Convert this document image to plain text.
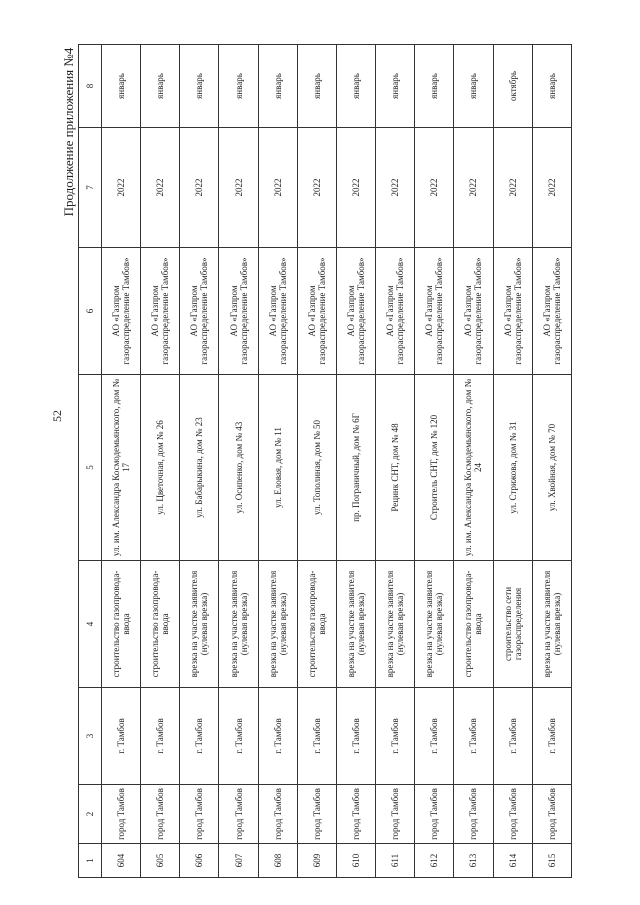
52
Продолжение приложения №4
1	2	3	4	5	6	7	8
604	город Тамбов	г. Тамбов	строительство газопровода-ввода	ул. им. Александра Космодемьянского, дом № 17	АО «Газпром газораспределение Тамбов»	2022	январь
605	город Тамбов	г. Тамбов	строительство газопровода-ввода	ул. Цветочная, дом № 26	АО «Газпром газораспределение Тамбов»	2022	январь
606	город Тамбов	г. Тамбов	врезка на участке заявителя (нулевая врезка)	ул. Бабарыкина, дом № 23	АО «Газпром газораспределение Тамбов»	2022	январь
607	город Тамбов	г. Тамбов	врезка на участке заявителя (нулевая врезка)	ул. Осипенко, дом № 43	АО «Газпром газораспределение Тамбов»	2022	январь
608	город Тамбов	г. Тамбов	врезка на участке заявителя (нулевая врезка)	ул. Еловая, дом № 11	АО «Газпром газораспределение Тамбов»	2022	январь
609	город Тамбов	г. Тамбов	строительство газопровода-ввода	ул. Тополиная, дом № 50	АО «Газпром газораспределение Тамбов»	2022	январь
610	город Тамбов	г. Тамбов	врезка на участке заявителя (нулевая врезка)	пр. Пограничный, дом № 6Г	АО «Газпром газораспределение Тамбов»	2022	январь
611	город Тамбов	г. Тамбов	врезка на участке заявителя (нулевая врезка)	Рецинк СНТ, дом № 48	АО «Газпром газораспределение Тамбов»	2022	январь
612	город Тамбов	г. Тамбов	врезка на участке заявителя (нулевая врезка)	Строитель СНТ, дом № 120	АО «Газпром газораспределение Тамбов»	2022	январь
613	город Тамбов	г. Тамбов	строительство газопровода-ввода	ул. им. Александра Космодемьянского, дом № 24	АО «Газпром газораспределение Тамбов»	2022	январь
614	город Тамбов	г. Тамбов	строительство сети газораспределения	ул. Стрижова, дом № 31	АО «Газпром газораспределение Тамбов»	2022	октябрь
615	город Тамбов	г. Тамбов	врезка на участке заявителя (нулевая врезка)	ул. Хвойная, дом № 70	АО «Газпром газораспределение Тамбов»	2022	январь
